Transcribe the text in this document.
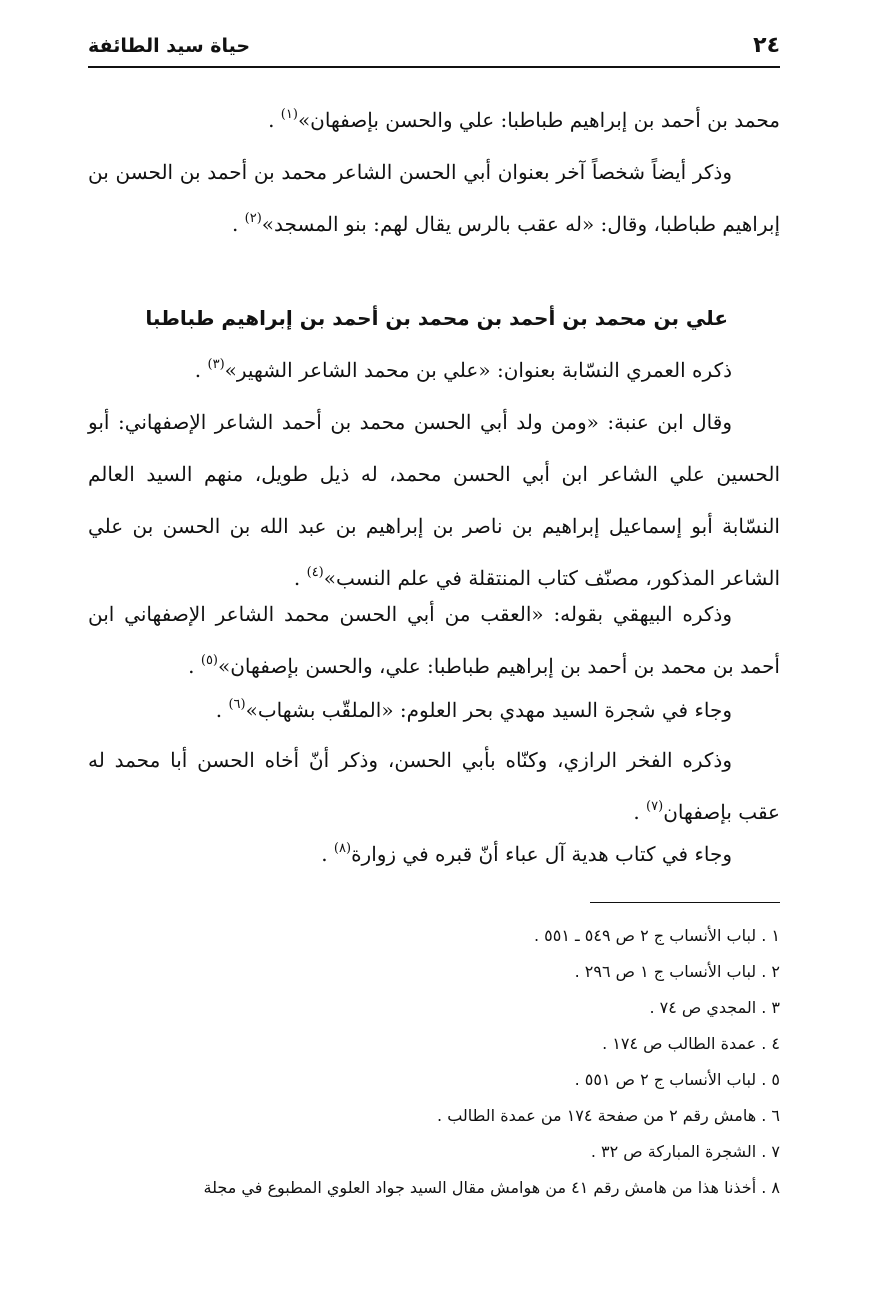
٢٤
حياة سيد الطائفة

محمد بن أحمد بن إبراهيم طباطبا: علي والحسن بإصفهان»$^{(١)}$ .

وذكر أيضاً شخصاً آخر بعنوان أبي الحسن الشاعر محمد بن أحمد بن الحسن بن إبراهيم طباطبا، وقال: «له عقب بالرس يقال لهم: بنو المسجد»$^{(٢)}$ .

علي بن محمد بن أحمد بن محمد بن أحمد بن إبراهيم طباطبا

ذكره العمري النسّابة بعنوان: «علي بن محمد الشاعر الشهير»$^{(٣)}$ .

وقال ابن عنبة: «ومن ولد أبي الحسن محمد بن أحمد الشاعر الإصفهاني: أبو الحسين علي الشاعر ابن أبي الحسن محمد، له ذيل طويل، منهم السيد العالم النسّابة أبو إسماعيل إبراهيم بن ناصر بن إبراهيم بن عبد الله بن الحسن بن علي الشاعر المذكور، مصنّف كتاب المنتقلة في علم النسب»$^{(٤)}$ .

وذكره البيهقي بقوله: «العقب من أبي الحسن محمد الشاعر الإصفهاني ابن أحمد بن محمد بن أحمد بن إبراهيم طباطبا: علي، والحسن بإصفهان»$^{(٥)}$ .

وجاء في شجرة السيد مهدي بحر العلوم: «الملقّب بشهاب»$^{(٦)}$ .

وذكره الفخر الرازي، وكنّاه بأبي الحسن، وذكر أنّ أخاه الحسن أبا محمد له عقب بإصفهان$^{(٧)}$ .

وجاء في كتاب هدية آل عباء أنّ قبره في زوارة$^{(٨)}$ .

١ . لباب الأنساب ج ٢ ص ٥٤٩ ـ ٥٥١ .
٢ . لباب الأنساب ج ١ ص ٢٩٦ .
٣ . المجدي ص ٧٤ .
٤ . عمدة الطالب ص ١٧٤ .
٥ . لباب الأنساب ج ٢ ص ٥٥١ .
٦ . هامش رقم ٢ من صفحة ١٧٤ من عمدة الطالب .
٧ . الشجرة المباركة ص ٣٢ .
٨ . أخذنا هذا من هامش رقم ٤١ من هوامش مقال السيد جواد العلوي المطبوع في مجلة
